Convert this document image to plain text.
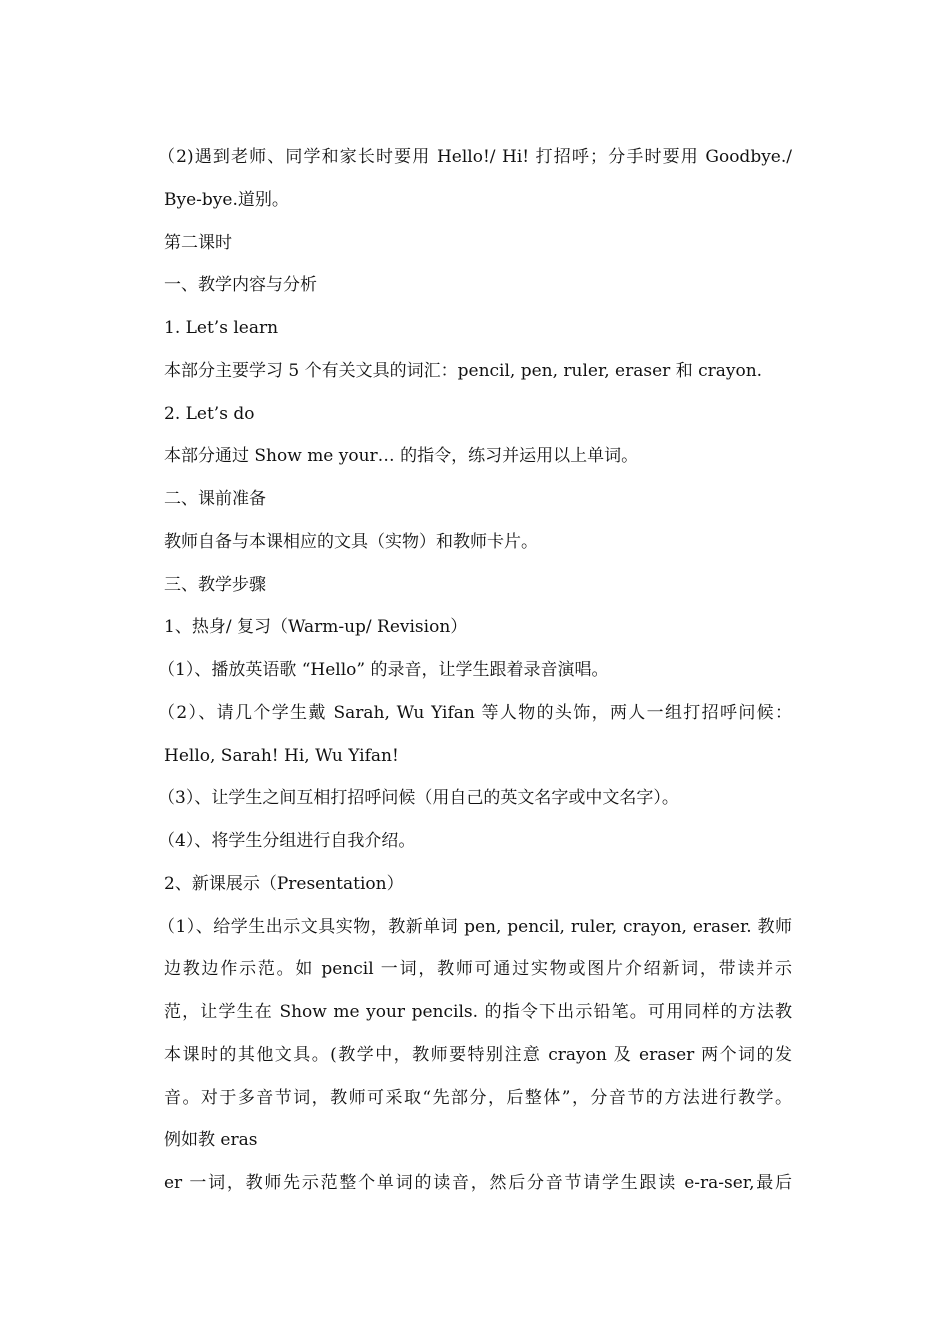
（2)遇到老师、同学和家长时要用 Hello!/ Hi! 打招呼；分手时要用 Goodbye./
Bye-bye.道别。
第二课时
一、教学内容与分析
1. Let’s learn
本部分主要学习 5 个有关文具的词汇：pencil, pen, ruler, eraser 和 crayon.
2. Let’s do
本部分通过 Show me your… 的指令，练习并运用以上单词。
二、课前准备
教师自备与本课相应的文具（实物）和教师卡片。
三、教学步骤
1、热身/ 复习（Warm-up/ Revision）
（1）、播放英语歌 “Hello” 的录音，让学生跟着录音演唱。
（2）、请几个学生戴 Sarah, Wu Yifan 等人物的头饰，两人一组打招呼问候：
Hello, Sarah! Hi, Wu Yifan!
（3）、让学生之间互相打招呼问候（用自己的英文名字或中文名字）。
（4）、将学生分组进行自我介绍。
2、新课展示（Presentation）
（1）、给学生出示文具实物，教新单词 pen, pencil, ruler, crayon, eraser. 教师
边教边作示范。如 pencil 一词，教师可通过实物或图片介绍新词，带读并示
范，让学生在 Show me your pencils. 的指令下出示铅笔。可用同样的方法教
本课时的其他文具。(教学中，教师要特别注意 crayon 及 eraser 两个词的发
音。对于多音节词，教师可采取“先部分，后整体”，分音节的方法进行教学。
例如教 eras
er 一词，教师先示范整个单词的读音，然后分音节请学生跟读 e-ra-ser,最后
